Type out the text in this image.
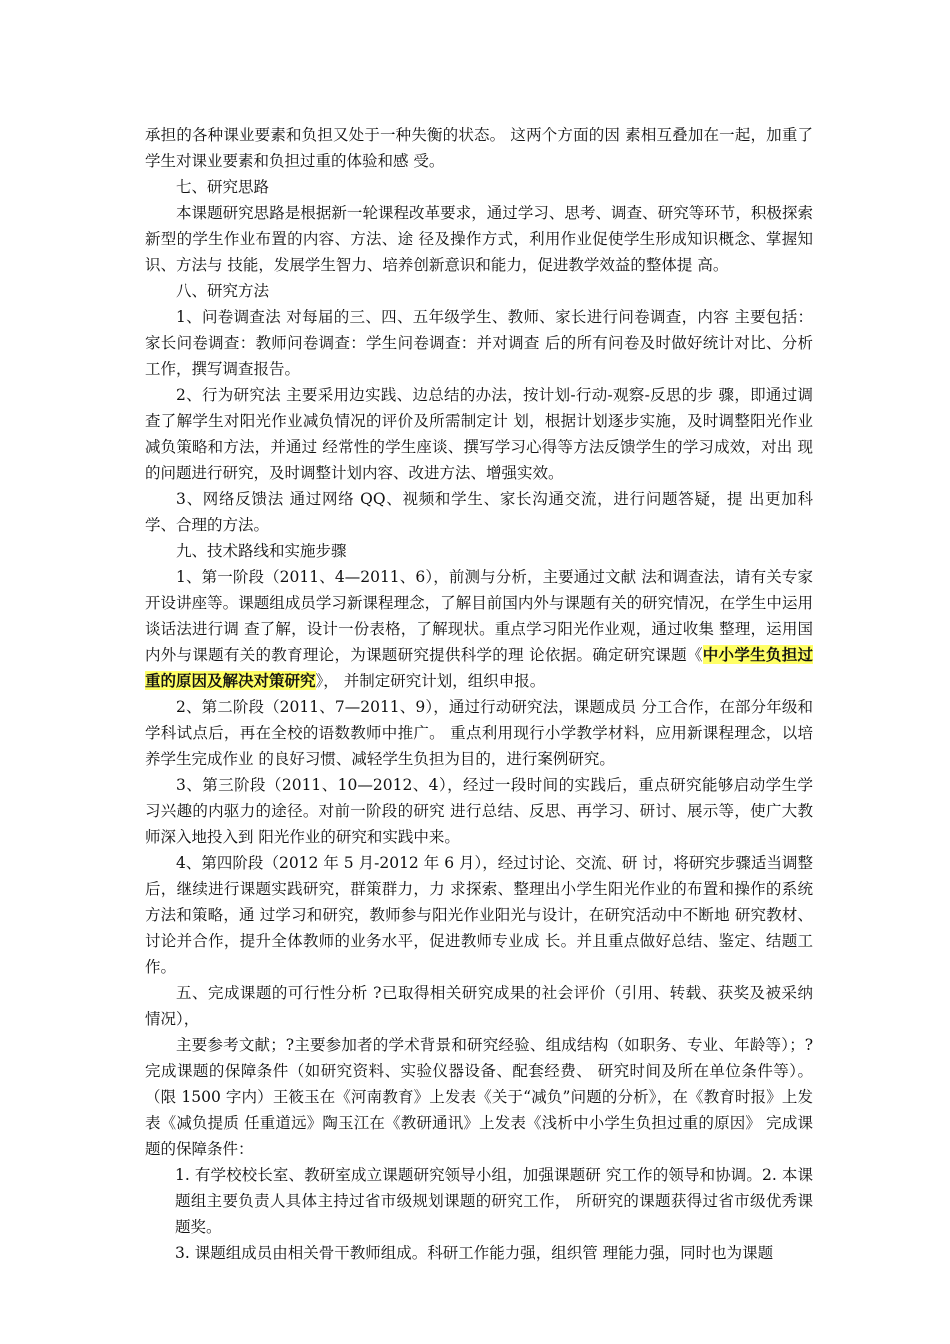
承担的各种课业要素和负担又处于一种失衡的状态。 这两个方面的因 素相互叠加在一起，加重了学生对课业要素和负担过重的体验和感 受。

七、研究思路

本课题研究思路是根据新一轮课程改革要求，通过学习、思考、调查、研究等环节，积极探索新型的学生作业布置的内容、方法、途 径及操作方式，利用作业促使学生形成知识概念、掌握知识、方法与 技能，发展学生智力、培养创新意识和能力，促进教学效益的整体提 高。

八、研究方法

1、问卷调查法 对每届的三、四、五年级学生、教师、家长进行问卷调查，内容 主要包括：家长问卷调查：教师问卷调查：学生问卷调查：并对调查 后的所有问卷及时做好统计对比、分析工作，撰写调查报告。

2、行为研究法 主要采用边实践、边总结的办法，按计划-行动-观察-反思的步 骤，即通过调查了解学生对阳光作业减负情况的评价及所需制定计 划，根据计划逐步实施，及时调整阳光作业减负策略和方法，并通过 经常性的学生座谈、撰写学习心得等方法反馈学生的学习成效，对出 现的问题进行研究，及时调整计划内容、改进方法、增强实效。

3、网络反馈法 通过网络 QQ、视频和学生、家长沟通交流，进行问题答疑，提 出更加科学、合理的方法。

九、技术路线和实施步骤

1、第一阶段（2011、4—2011、6），前测与分析，主要通过文献 法和调查法，请有关专家开设讲座等。课题组成员学习新课程理念，了解目前国内外与课题有关的研究情况，在学生中运用谈话法进行调 查了解，设计一份表格，了解现状。重点学习阳光作业观，通过收集 整理，运用国内外与课题有关的教育理论，为课题研究提供科学的理 论依据。确定研究课题《中小学生负担过重的原因及解决对策研究》， 并制定研究计划，组织申报。

2、第二阶段（2011、7—2011、9），通过行动研究法，课题成员 分工合作，在部分年级和学科试点后，再在全校的语数教师中推广。 重点利用现行小学教学材料，应用新课程理念，以培养学生完成作业 的良好习惯、减轻学生负担为目的，进行案例研究。

3、第三阶段（2011、10—2012、4），经过一段时间的实践后，重点研究能够启动学生学习兴趣的内驱力的途径。对前一阶段的研究 进行总结、反思、再学习、研讨、展示等，使广大教师深入地投入到 阳光作业的研究和实践中来。

4、第四阶段（2012 年 5 月-2012 年 6 月），经过讨论、交流、研 讨，将研究步骤适当调整后，继续进行课题实践研究，群策群力，力 求探索、整理出小学生阳光作业的布置和操作的系统方法和策略，通 过学习和研究，教师参与阳光作业阳光与设计，在研究活动中不断地 研究教材、讨论并合作，提升全体教师的业务水平，促进教师专业成 长。并且重点做好总结、鉴定、结题工作。

五、完成课题的可行性分析 ?已取得相关研究成果的社会评价（引用、转载、获奖及被采纳 情况），

主要参考文献；?主要参加者的学术背景和研究经验、组成结构（如职务、专业、年龄等）；?完成课题的保障条件（如研究资料、实验仪器设备、配套经费、 研究时间及所在单位条件等）。（限 1500 字内）王筱玉在《河南教育》上发表《关于“减负”问题的分析》，在《教育时报》上发表《减负提质 任重道远》陶玉江在《教研通讯》上发表《浅析中小学生负担过重的原因》 完成课题的保障条件：

1. 有学校校长室、教研室成立课题研究领导小组，加强课题研 究工作的领导和协调。2. 本课题组主要负责人具体主持过省市级规划课题的研究工作， 所研究的课题获得过省市级优秀课题奖。

3. 课题组成员由相关骨干教师组成。科研工作能力强，组织管 理能力强，同时也为课题
